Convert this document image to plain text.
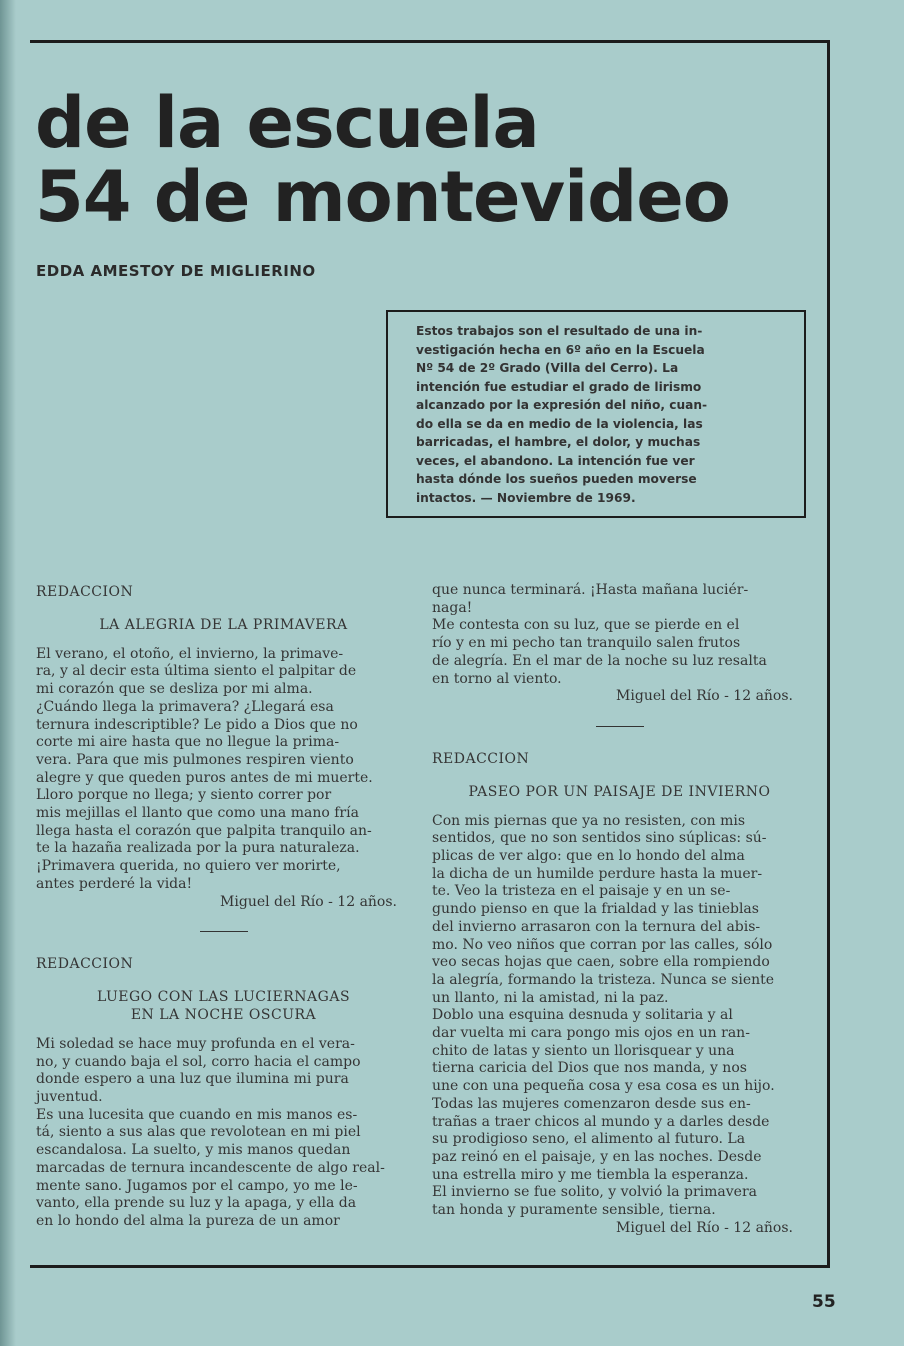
de la escuela
54 de montevideo
EDDA AMESTOY DE MIGLIERINO
Estos trabajos son el resultado de una in-
vestigación hecha en 6º año en la Escuela
Nº 54 de 2º Grado (Villa del Cerro). La
intención fue estudiar el grado de lirismo
alcanzado por la expresión del niño, cuan-
do ella se da en medio de la violencia, las
barricadas, el hambre, el dolor, y muchas
veces, el abandono. La intención fue ver
hasta dónde los sueños pueden moverse
intactos. — Noviembre de 1969.
REDACCION
LA ALEGRIA DE LA PRIMAVERA
El verano, el otoño, el invierno, la primave-
ra, y al decir esta última siento el palpitar de
mi corazón que se desliza por mi alma.
¿Cuándo llega la primavera? ¿Llegará esa
ternura indescriptible? Le pido a Dios que no
corte mi aire hasta que no llegue la prima-
vera. Para que mis pulmones respiren viento
alegre y que queden puros antes de mi muerte.
Lloro porque no llega; y siento correr por
mis mejillas el llanto que como una mano fría
llega hasta el corazón que palpita tranquilo an-
te la hazaña realizada por la pura naturaleza.
¡Primavera querida, no quiero ver morirte,
antes perderé la vida!
Miguel del Río - 12 años.
REDACCION
LUEGO CON LAS LUCIERNAGAS
EN LA NOCHE OSCURA
Mi soledad se hace muy profunda en el vera-
no, y cuando baja el sol, corro hacia el campo
donde espero a una luz que ilumina mi pura
juventud.
Es una lucesita que cuando en mis manos es-
tá, siento a sus alas que revolotean en mi piel
escandalosa. La suelto, y mis manos quedan
marcadas de ternura incandescente de algo real-
mente sano. Jugamos por el campo, yo me le-
vanto, ella prende su luz y la apaga, y ella da
en lo hondo del alma la pureza de un amor
que nunca terminará. ¡Hasta mañana luciér-
naga!
Me contesta con su luz, que se pierde en el
río y en mi pecho tan tranquilo salen frutos
de alegría. En el mar de la noche su luz resalta
en torno al viento.
Miguel del Río - 12 años.
REDACCION
PASEO POR UN PAISAJE DE INVIERNO
Con mis piernas que ya no resisten, con mis
sentidos, que no son sentidos sino súplicas: sú-
plicas de ver algo: que en lo hondo del alma
la dicha de un humilde perdure hasta la muer-
te. Veo la tristeza en el paisaje y en un se-
gundo pienso en que la frialdad y las tinieblas
del invierno arrasaron con la ternura del abis-
mo. No veo niños que corran por las calles, sólo
veo secas hojas que caen, sobre ella rompiendo
la alegría, formando la tristeza. Nunca se siente
un llanto, ni la amistad, ni la paz.
Doblo una esquina desnuda y solitaria y al
dar vuelta mi cara pongo mis ojos en un ran-
chito de latas y siento un llorisquear y una
tierna caricia del Dios que nos manda, y nos
une con una pequeña cosa y esa cosa es un hijo.
Todas las mujeres comenzaron desde sus en-
trañas a traer chicos al mundo y a darles desde
su prodigioso seno, el alimento al futuro. La
paz reinó en el paisaje, y en las noches. Desde
una estrella miro y me tiembla la esperanza.
El invierno se fue solito, y volvió la primavera
tan honda y puramente sensible, tierna.
Miguel del Río - 12 años.
55
